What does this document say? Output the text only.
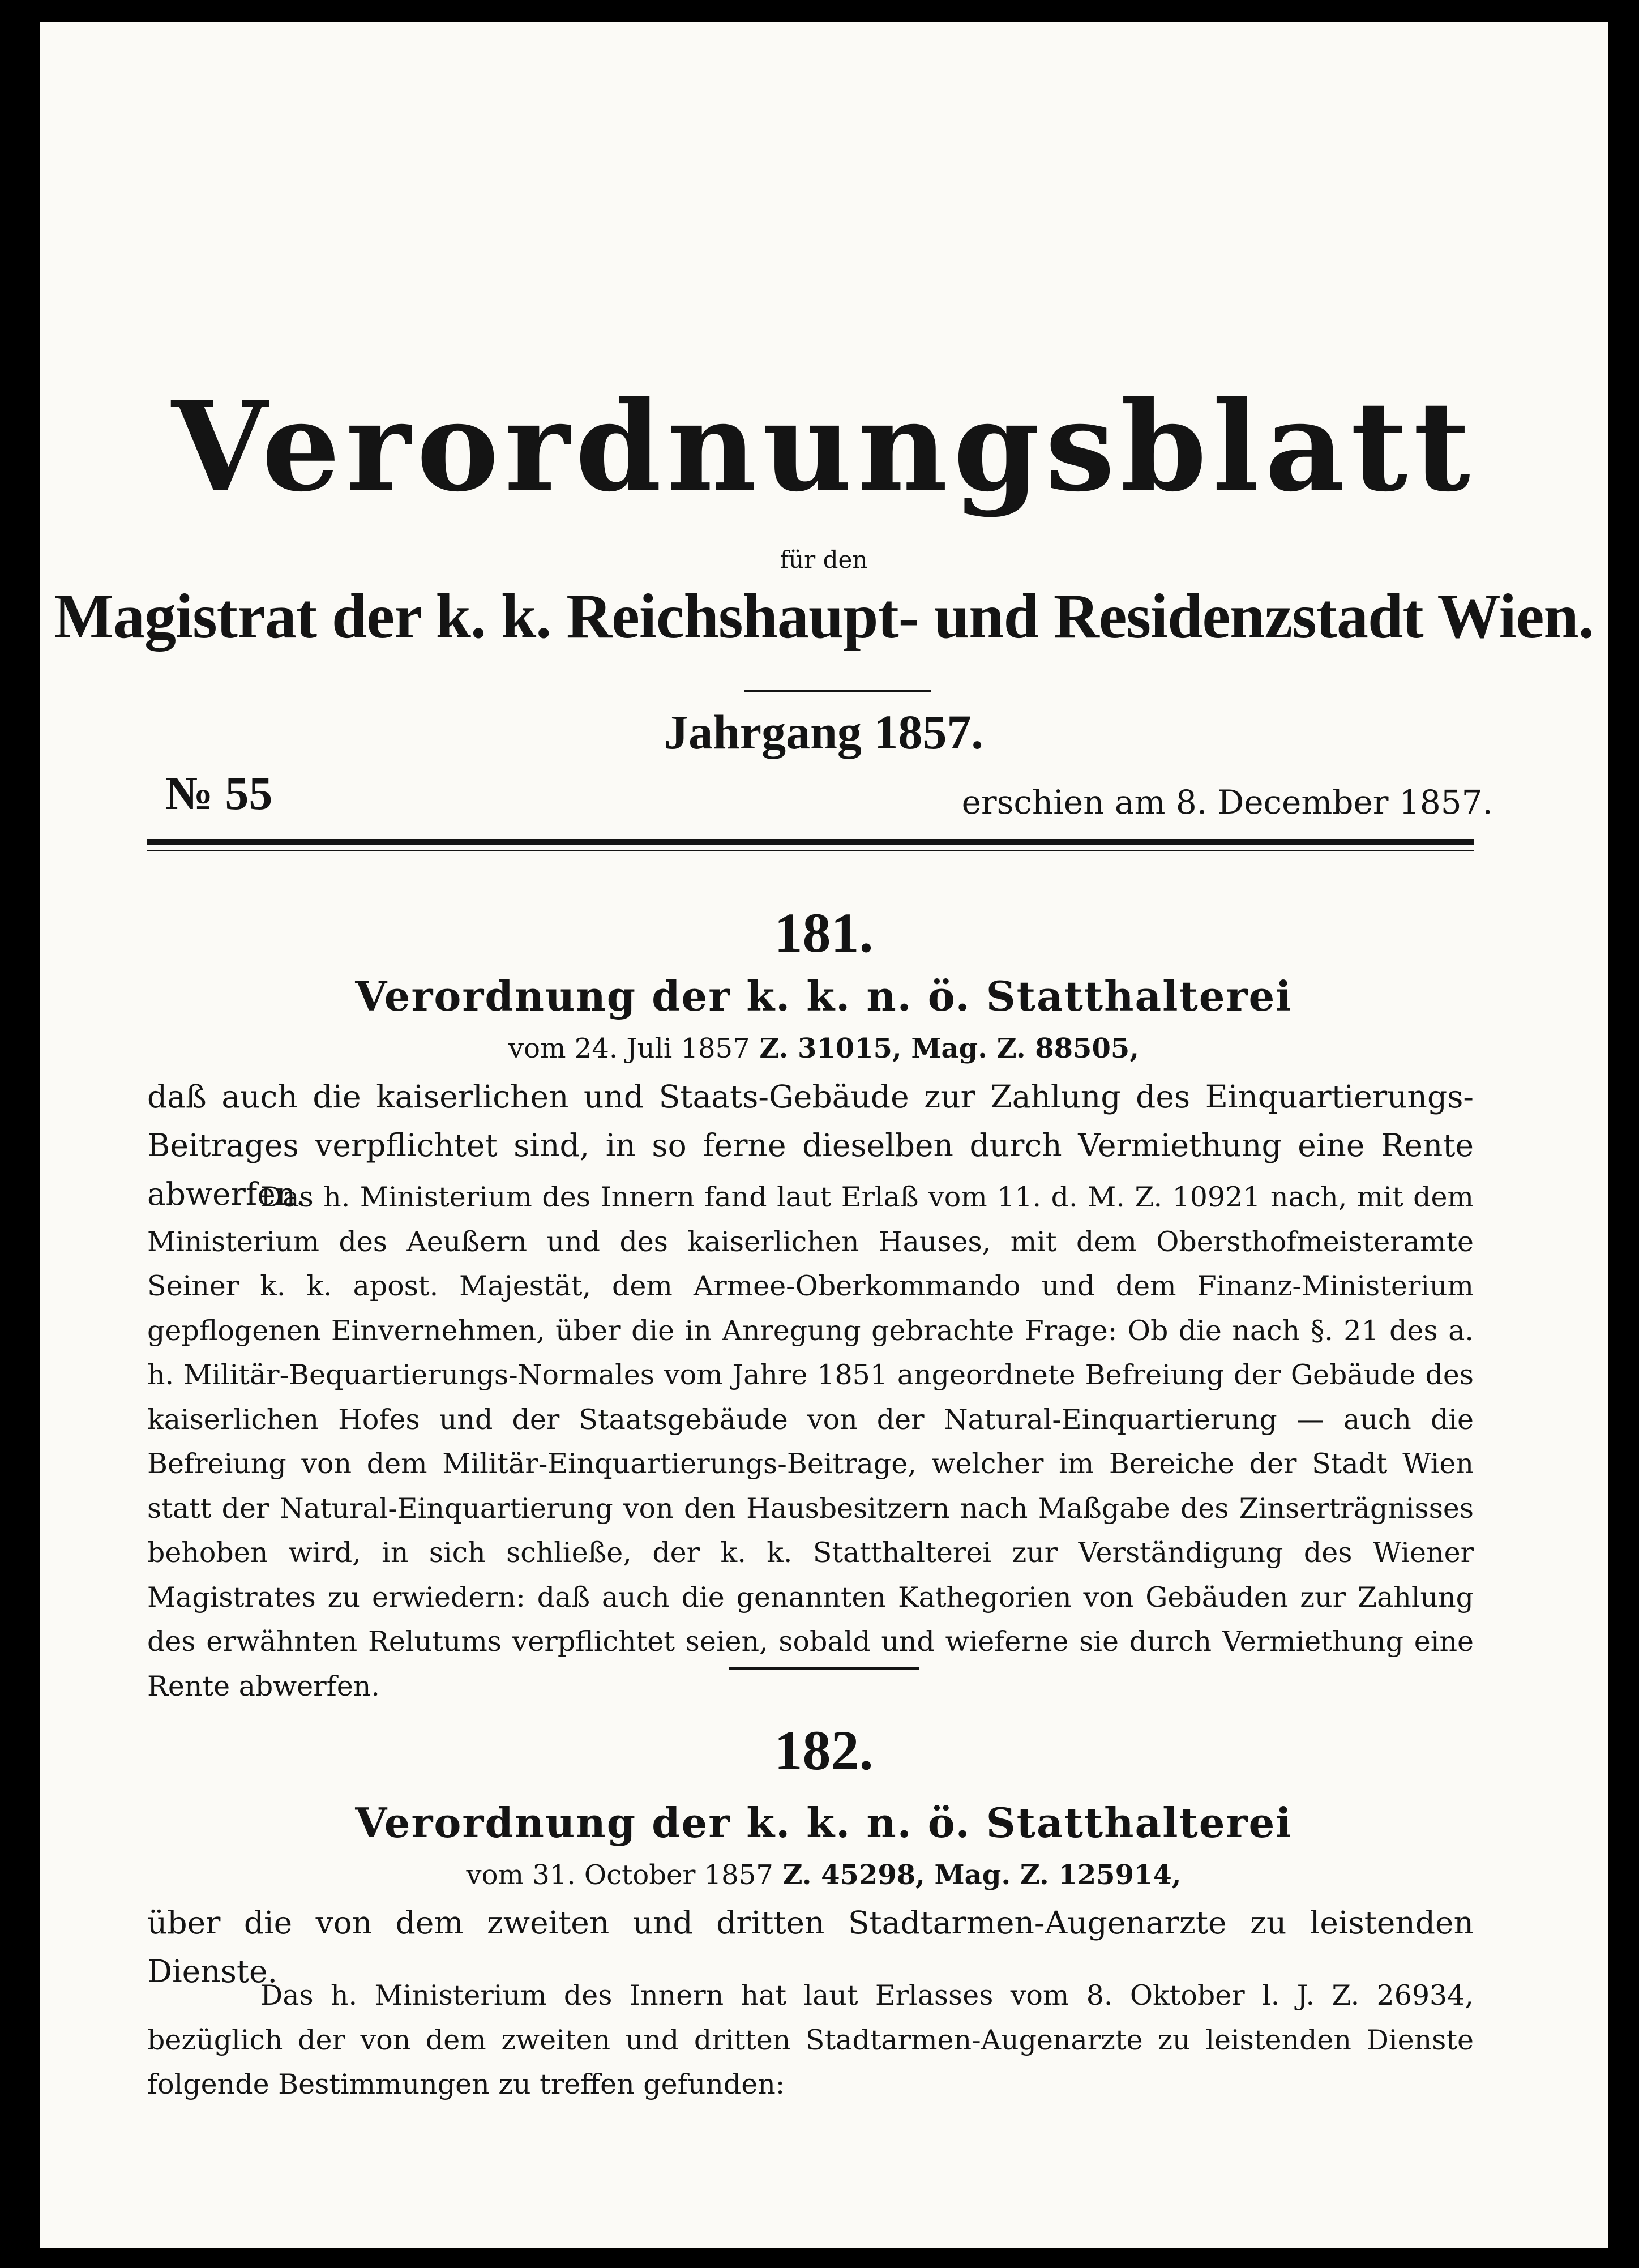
Verordnungsblatt
für den
Magistrat der k. k. Reichshaupt- und Residenzstadt Wien.
Jahrgang 1857.
№ 55	erschien am 8. December 1857.
181.
Verordnung der k. k. n. ö. Statthalterei
vom 24. Juli 1857 Z. 31015, Mag. Z. 88505,
daß auch die kaiserlichen und Staats-Gebäude zur Zahlung des Einquartierungs-Beitrages verpflichtet sind, in so ferne dieselben durch Vermiethung eine Rente abwerfen.

Das h. Ministerium des Innern fand laut Erlaß vom 11. d. M. Z. 10921 nach, mit dem Ministerium des Aeußern und des kaiserlichen Hauses, mit dem Obersthofmeisteramte Seiner k. k. apost. Majestät, dem Armee-Oberkommando und dem Finanz-Ministerium gepflogenen Einvernehmen, über die in Anregung gebrachte Frage: Ob die nach §. 21 des a. h. Militär-Bequartierungs-Normales vom Jahre 1851 angeordnete Befreiung der Gebäude des kaiserlichen Hofes und der Staatsgebäude von der Natural-Einquartierung — auch die Befreiung von dem Militär-Einquartierungs-Beitrage, welcher im Bereiche der Stadt Wien statt der Natural-Einquartierung von den Hausbesitzern nach Maßgabe des Zinserträgnisses behoben wird, in sich schließe, der k. k. Statthalterei zur Verständigung des Wiener Magistrates zu erwiedern: daß auch die genannten Kathegorien von Gebäuden zur Zahlung des erwähnten Relutums verpflichtet seien, sobald und wieferne sie durch Vermiethung eine Rente abwerfen.

182.
Verordnung der k. k. n. ö. Statthalterei
vom 31. October 1857 Z. 45298, Mag. Z. 125914,
über die von dem zweiten und dritten Stadtarmen-Augenarzte zu leistenden Dienste.

Das h. Ministerium des Innern hat laut Erlasses vom 8. Oktober l. J. Z. 26934, bezüglich der von dem zweiten und dritten Stadtarmen-Augenarzte zu leistenden Dienste folgende Bestimmungen zu treffen gefunden:
